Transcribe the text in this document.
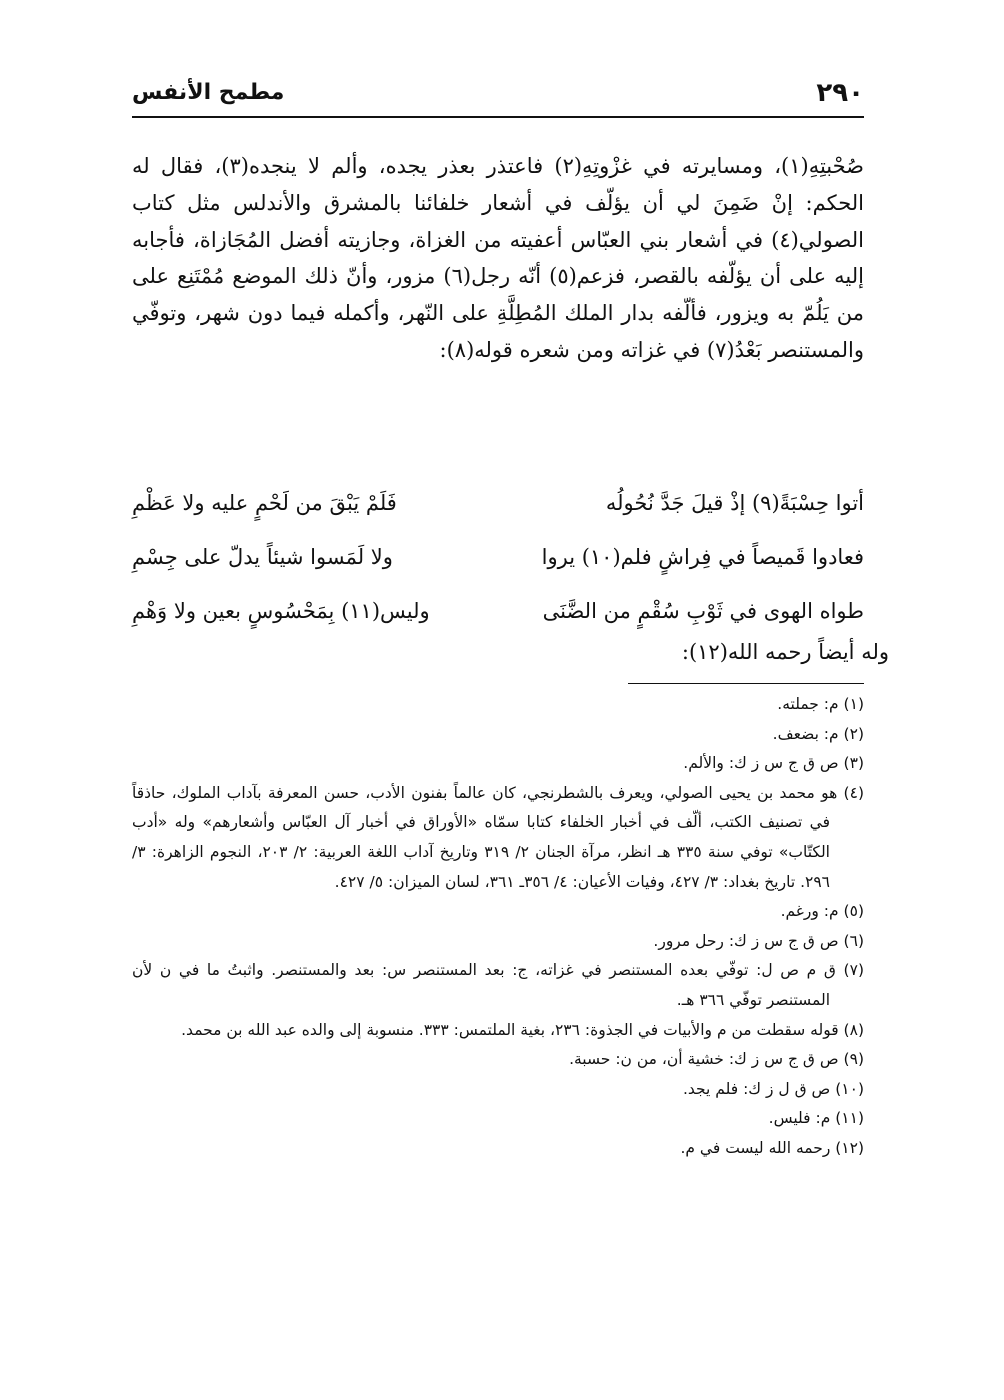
٢٩٠
مطمح الأنفس

صُحْبتِهِ(١)، ومسايرته في غزْوتِهِ(٢) فاعتذر بعذر يجده، وألم لا ينجده(٣)، فقال له الحكم: إنْ ضَمِنَ لي أن يؤلّف في أشعار خلفائنا بالمشرق والأندلس مثل كتاب الصولي(٤) في أشعار بني العبّاس أعفيته من الغزاة، وجازيته أفضل المُجَازاة، فأجابه إليه على أن يؤلّفه بالقصر، فزعم(٥) أنّه رجل(٦) مزور، وأنّ ذلك الموضع مُمْتَنِع على من يَلُمّ به ويزور، فألّفه بدار الملك المُطِلَّةِ على النّهر، وأكمله فيما دون شهر، وتوفّي والمستنصر بَعْدُ(٧) في غزاته ومن شعره قوله(٨):

أتوا حِسْبَةً(٩) إذْ قيلَ جَدَّ نُحُولُه
فَلَمْ يَبْقَ من لَحْمٍ عليه ولا عَظْمِ
فعادوا قَميصاً في فِراشٍ فلم(١٠) يروا
ولا لَمَسوا شيئاً يدلّ على جِسْمِ
طواه الهوى في ثَوْبِ سُقْمٍ من الضَّنَى
وليس(١١) بِمَحْسُوسٍ بعين ولا وَهْمِ
وله أيضاً رحمه الله(١٢):

(١) م: جملته.

(٢) م: بضعف.

(٣) ص ق ج س ز ك: والألم.

(٤) هو محمد بن يحيى الصولي، ويعرف بالشطرنجي، كان عالماً بفنون الأدب، حسن المعرفة بآداب الملوك، حاذقاً في تصنيف الكتب، ألّف في أخبار الخلفاء كتابا سمّاه «الأوراق في أخبار آل العبّاس وأشعارهم» وله «أدب الكتّاب» توفي سنة ٣٣٥ هـ انظر، مرآة الجنان ٢/ ٣١٩ وتاريخ آداب اللغة العربية: ٢/ ٢٠٣، النجوم الزاهرة: ٣/ ٢٩٦. تاريخ بغداد: ٣/ ٤٢٧، وفيات الأعيان: ٤/ ٣٥٦ـ ٣٦١، لسان الميزان: ٥/ ٤٢٧.

(٥) م: ورغم.

(٦) ص ق ج س ز ك: رحل مرور.

(٧) ق م ص ل: توفّي بعده المستنصر في غزاته، ج: بعد المستنصر س: بعد والمستنصر. واثبتُ ما في ن لأن المستنصر توفّي ٣٦٦ هـ.

(٨) قوله سقطت من م والأبيات في الجذوة: ٢٣٦، بغية الملتمس: ٣٣٣. منسوبة إلى والده عبد الله بن محمد.

(٩) ص ق ج س ز ك: خشية أن، من ن: حسبة.

(١٠) ص ق ل ز ك: فلم يجد.

(١١) م: فليس.

(١٢) رحمه الله ليست في م.
